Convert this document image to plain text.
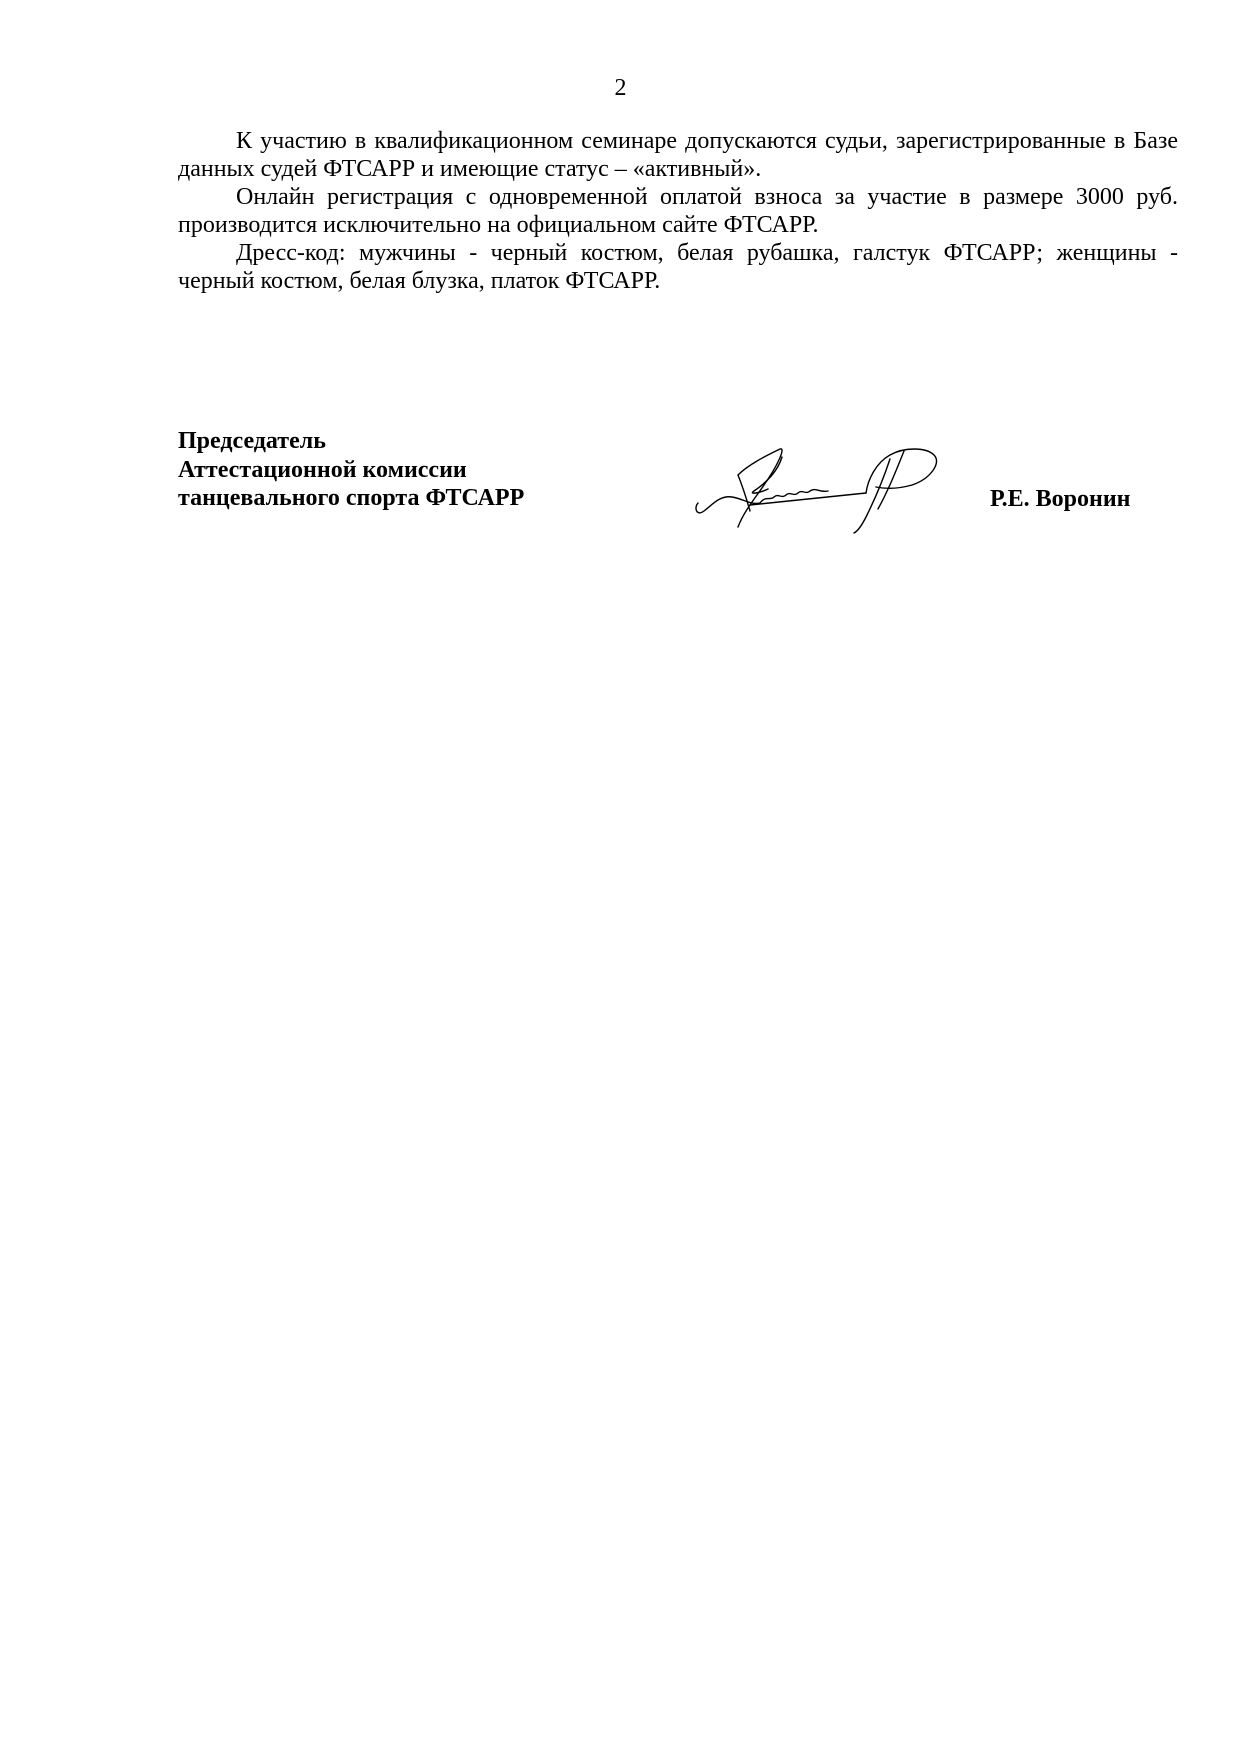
2

К участию в квалификационном семинаре допускаются судьи, зарегистрированные в Базе данных судей ФТСАРР и имеющие статус – «активный».

Онлайн регистрация с одновременной оплатой взноса за участие в размере 3000 руб. производится исключительно на официальном сайте ФТСАРР.

Дресс-код: мужчины - черный костюм, белая рубашка, галстук ФТСАРР; женщины - черный костюм, белая блузка, платок ФТСАРР.

Председатель
Аттестационной комиссии
танцевального спорта ФТСАРР	Р.Е. Воронин
